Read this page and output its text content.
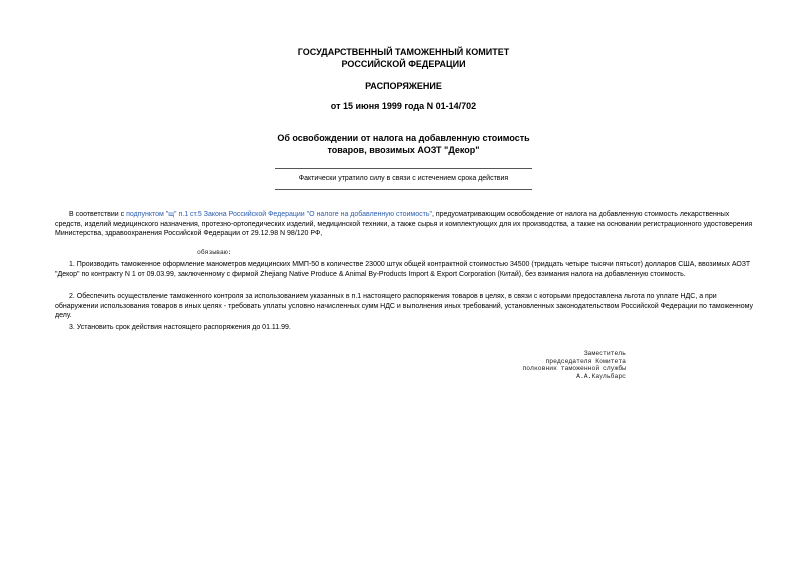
ГОСУДАРСТВЕННЫЙ ТАМОЖЕННЫЙ КОМИТЕТ
РОССИЙСКОЙ ФЕДЕРАЦИИ
РАСПОРЯЖЕНИЕ
от 15 июня 1999 года N 01-14/702
Об освобождении от налога на добавленную стоимость
товаров, ввозимых АОЗТ "Декор"
Фактически утратило силу в связи с истечением срока действия
В соответствии с подпунктом "щ" п.1 ст.5 Закона Российской Федерации "О налоге на добавленную стоимость", предусматривающим освобождение от налога на добавленную стоимость лекарственных средств, изделий медицинского назначения, протезно-ортопедических изделий, медицинской техники, а также сырья и комплектующих для их производства, а также на основании регистрационного удостоверения Министерства, здравоохранения Российской Федерации от 29.12.98 N 98/120 РФ,
обязываю:
1. Производить таможенное оформление манометров медицинских ММП-50 в количестве 23000 штук общей контрактной стоимостью 34500 (тридцать четыре тысячи пятьсот) долларов США, ввозимых АОЗТ "Декор" по контракту N 1 от 09.03.99, заключенному с фирмой Zhejiang Native Produce & Animal By-Products Import & Export Corporation (Китай), без взимания налога на добавленную стоимость.
2. Обеспечить осуществление таможенного контроля за использованием указанных в п.1 настоящего распоряжения товаров в целях, в связи с которыми предоставлена льгота по уплате НДС, а при обнаружении использования товаров в иных целях - требовать уплаты условно начисленных сумм НДС и выполнения иных требований, установленных законодательством Российской Федерации по таможенному делу.
3. Установить срок действия настоящего распоряжения до 01.11.99.
Заместитель
председателя Комитета
полковник таможенной службы
А.А.Каульбарс
